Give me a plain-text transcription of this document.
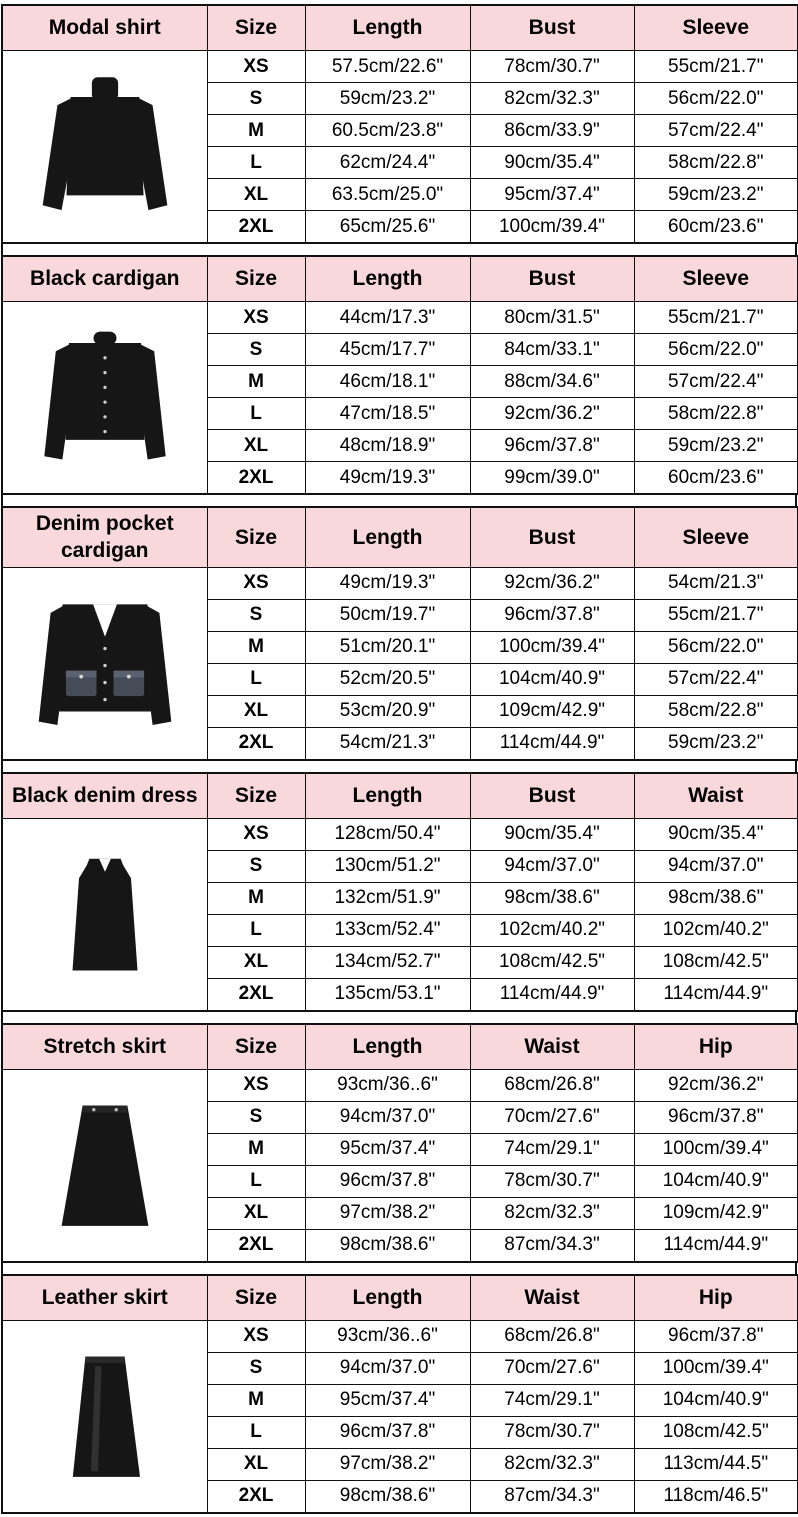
Modal shirt	Size	Length	Bust	Sleeve

	XS	57.5cm/22.6"	78cm/30.7"	55cm/21.7"
	S	59cm/23.2"	82cm/32.3"	56cm/22.0"
	M	60.5cm/23.8"	86cm/33.9"	57cm/22.4"
	L	62cm/24.4"	90cm/35.4"	58cm/22.8"
	XL	63.5cm/25.0"	95cm/37.4"	59cm/23.2"
	2XL	65cm/25.6"	100cm/39.4"	60cm/23.6"
Black cardigan	Size	Length	Bust	Sleeve

	XS	44cm/17.3"	80cm/31.5"	55cm/21.7"
	S	45cm/17.7"	84cm/33.1"	56cm/22.0"
	M	46cm/18.1"	88cm/34.6"	57cm/22.4"
	L	47cm/18.5"	92cm/36.2"	58cm/22.8"
	XL	48cm/18.9"	96cm/37.8"	59cm/23.2"
	2XL	49cm/19.3"	99cm/39.0"	60cm/23.6"
Denim pocket cardigan	Size	Length	Bust	Sleeve

	XS	49cm/19.3"	92cm/36.2"	54cm/21.3"
	S	50cm/19.7"	96cm/37.8"	55cm/21.7"
	M	51cm/20.1"	100cm/39.4"	56cm/22.0"
	L	52cm/20.5"	104cm/40.9"	57cm/22.4"
	XL	53cm/20.9"	109cm/42.9"	58cm/22.8"
	2XL	54cm/21.3"	114cm/44.9"	59cm/23.2"
Black denim dress	Size	Length	Bust	Waist

	XS	128cm/50.4"	90cm/35.4"	90cm/35.4"
	S	130cm/51.2"	94cm/37.0"	94cm/37.0"
	M	132cm/51.9"	98cm/38.6"	98cm/38.6"
	L	133cm/52.4"	102cm/40.2"	102cm/40.2"
	XL	134cm/52.7"	108cm/42.5"	108cm/42.5"
	2XL	135cm/53.1"	114cm/44.9"	114cm/44.9"
Stretch skirt	Size	Length	Waist	Hip

	XS	93cm/36..6"	68cm/26.8"	92cm/36.2"
	S	94cm/37.0"	70cm/27.6"	96cm/37.8"
	M	95cm/37.4"	74cm/29.1"	100cm/39.4"
	L	96cm/37.8"	78cm/30.7"	104cm/40.9"
	XL	97cm/38.2"	82cm/32.3"	109cm/42.9"
	2XL	98cm/38.6"	87cm/34.3"	114cm/44.9"
Leather skirt	Size	Length	Waist	Hip

	XS	93cm/36..6"	68cm/26.8"	96cm/37.8"
	S	94cm/37.0"	70cm/27.6"	100cm/39.4"
	M	95cm/37.4"	74cm/29.1"	104cm/40.9"
	L	96cm/37.8"	78cm/30.7"	108cm/42.5"
	XL	97cm/38.2"	82cm/32.3"	113cm/44.5"
	2XL	98cm/38.6"	87cm/34.3"	118cm/46.5"
